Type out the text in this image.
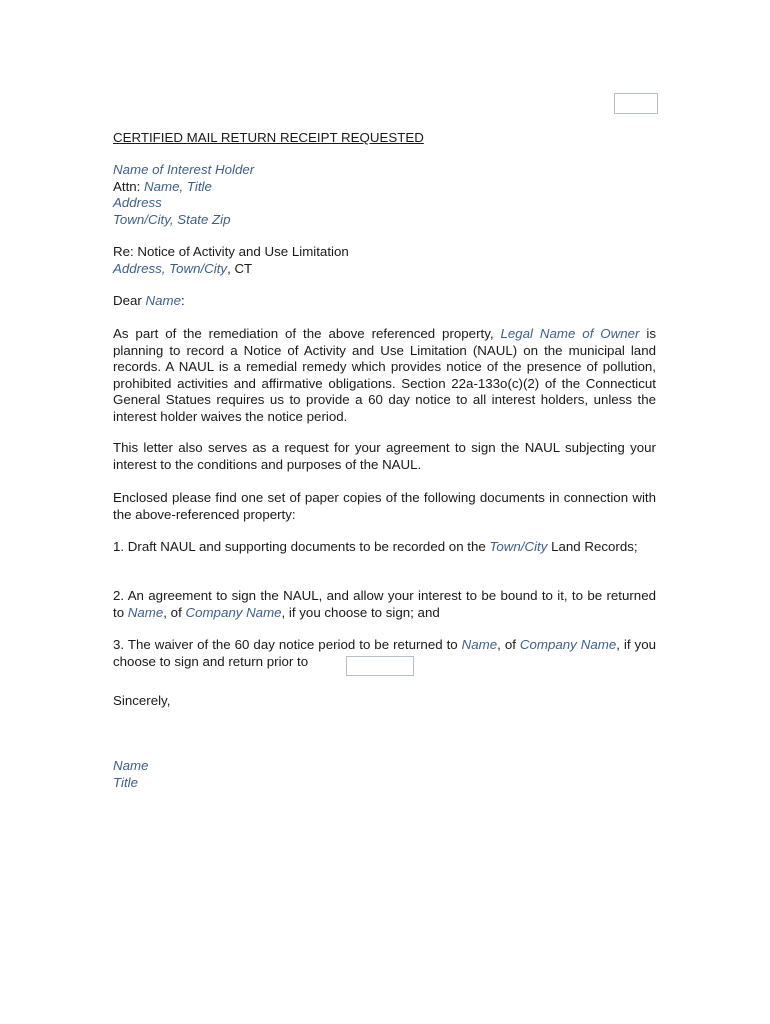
CERTIFIED MAIL RETURN RECEIPT REQUESTED
Name of Interest Holder
Attn: Name, Title
Address
Town/City, State Zip
Re: Notice of Activity and Use Limitation
Address, Town/City, CT
Dear Name:
As part of the remediation of the above referenced property, Legal Name of Owner is planning to record a Notice of Activity and Use Limitation (NAUL) on the municipal land records. A NAUL is a remedial remedy which provides notice of the presence of pollution, prohibited activities and affirmative obligations. Section 22a-133o(c)(2) of the Connecticut General Statues requires us to provide a 60 day notice to all interest holders, unless the interest holder waives the notice period.
This letter also serves as a request for your agreement to sign the NAUL subjecting your interest to the conditions and purposes of the NAUL.
Enclosed please find one set of paper copies of the following documents in connection with the above-referenced property:
1. Draft NAUL and supporting documents to be recorded on the Town/City Land Records;
2. An agreement to sign the NAUL, and allow your interest to be bound to it, to be returned to Name, of Company Name, if you choose to sign; and
3. The waiver of the 60 day notice period to be returned to Name, of Company Name, if you choose to sign and return prior to
Sincerely,
Name
Title
